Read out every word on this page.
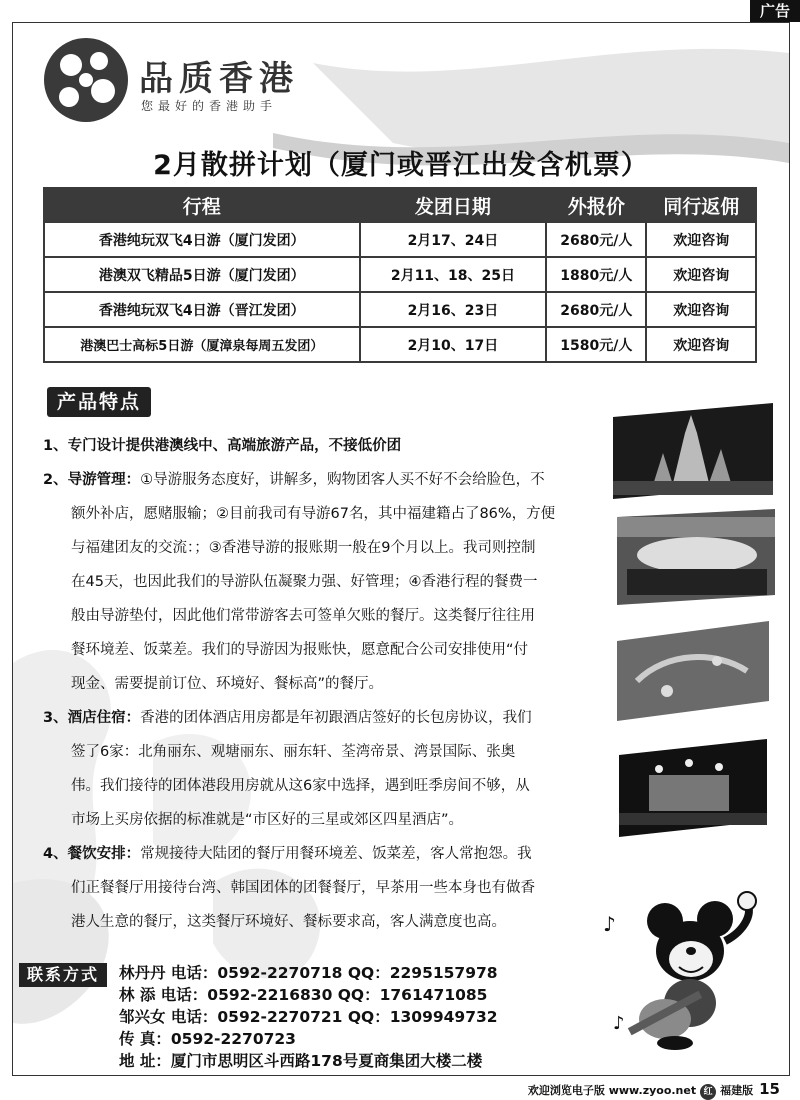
广告
品质香港
您最好的香港助手
2月散拼计划（厦门或晋江出发含机票）
行程	发团日期	外报价	同行返佣
香港纯玩双飞4日游（厦门发团）	2月17、24日	2680元/人	欢迎咨询
港澳双飞精品5日游（厦门发团）	2月11、18、25日	1880元/人	欢迎咨询
香港纯玩双飞4日游（晋江发团）	2月16、23日	2680元/人	欢迎咨询
港澳巴士高标5日游（厦漳泉每周五发团）	2月10、17日	1580元/人	欢迎咨询
产品特点

1、专门设计提供港澳线中、高端旅游产品，不接低价团

2、导游管理：①导游服务态度好，讲解多，购物团客人买不好不会给脸色，不

额外补店，愿赌服输；②目前我司有导游67名，其中福建籍占了86%，方便

与福建团友的交流：；③香港导游的报账期一般在9个月以上。我司则控制

在45天，也因此我们的导游队伍凝聚力强、好管理；④香港行程的餐费一

般由导游垫付，因此他们常带游客去可签单欠账的餐厅。这类餐厅往往用

餐环境差、饭菜差。我们的导游因为报账快，愿意配合公司安排使用“付

现金、需要提前订位、环境好、餐标高”的餐厅。

3、酒店住宿：香港的团体酒店用房都是年初跟酒店签好的长包房协议，我们

签了6家：北角丽东、观塘丽东、丽东轩、荃湾帝景、湾景国际、张奥

伟。我们接待的团体港段用房就从这6家中选择，遇到旺季房间不够，从

市场上买房依据的标准就是“市区好的三星或郊区四星酒店”。

4、餐饮安排：常规接待大陆团的餐厅用餐环境差、饭菜差，客人常抱怨。我

们正餐餐厅用接待台湾、韩国团体的团餐餐厅，早茶用一些本身也有做香

港人生意的餐厅，这类餐厅环境好、餐标要求高，客人满意度也高。

联系方式	林丹丹 电话：0592-2270718 QQ：2295157978
林 添 电话：0592-2216830 QQ：1761471085
邹兴女 电话：0592-2270721 QQ：1309949732
传 真：0592-2270723
地 址：厦门市思明区斗西路178号夏商集团大楼二楼
♪
♪
欢迎浏览电子版 www.zyoo.net 红 福建版 15
